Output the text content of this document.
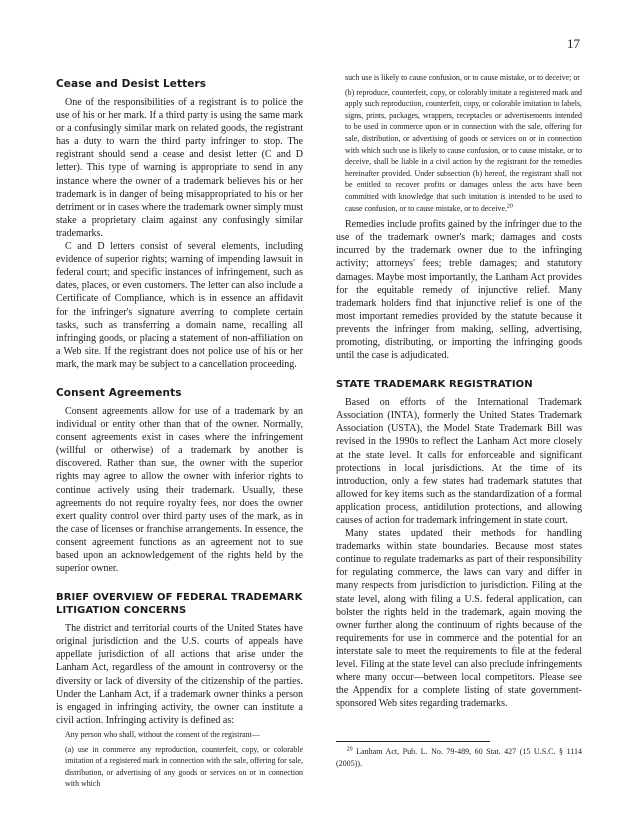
17
Cease and Desist Letters

One of the responsibilities of a registrant is to police the use of his or her mark. If a third party is using the same mark or a confusingly similar mark on related goods, the registrant has a duty to warn the third party infringer to stop. The registrant should send a cease and desist letter (C and D letter). This type of warning is appropriate to send in any instance where the owner of a trademark believes his or her trademark is in danger of being misappropriated to his or her detriment or in cases where the trademark owner simply must stake a proprietary claim against any confusingly similar trademarks.

C and D letters consist of several elements, including evidence of superior rights; warning of impending lawsuit in federal court; and specific instances of infringement, such as dates, places, or even customers. The letter can also include a Certificate of Compliance, which is in essence an affidavit for the infringer's signature averring to complete certain tasks, such as transferring a domain name, recalling all infringing goods, or placing a statement of non-affiliation on a Web site. If the registrant does not police use of his or her mark, the mark may be subject to a cancellation proceeding.

Consent Agreements

Consent agreements allow for use of a trademark by an individual or entity other than that of the owner. Normally, consent agreements exist in cases where the infringement (willful or otherwise) of a trademark by another is discovered. Rather than sue, the owner with the superior rights may agree to allow the owner with inferior rights to continue actively using their trademark. Usually, these agreements do not require royalty fees, nor does the owner exert quality control over third party uses of the mark, as in the case of licenses or franchise arrangements. In essence, the consent agreement functions as an agreement not to sue based upon an acknowledgement of the rights held by the superior owner.

BRIEF OVERVIEW OF FEDERAL TRADEMARK
LITIGATION CONCERNS

The district and territorial courts of the United States have original jurisdiction and the U.S. courts of appeals have appellate jurisdiction of all actions that arise under the Lanham Act, regardless of the amount in controversy or the diversity or lack of diversity of the citizenship of the parties. Under the Lanham Act, if a trademark owner thinks a person is engaged in infringing activity, the owner can institute a civil action. Infringing activity is defined as:

Any person who shall, without the consent of the registrant—

(a) use in commerce any reproduction, counterfeit, copy, or colorable imitation of a registered mark in connection with the sale, offering for sale, distribution, or advertising of any goods or services on or in connection with which

such use is likely to cause confusion, or to cause mistake, or to deceive; or

(b) reproduce, counterfeit, copy, or colorably imitate a registered mark and apply such reproduction, counterfeit, copy, or colorable imitation to labels, signs, prints, packages, wrappers, receptacles or advertisements intended to be used in commerce upon or in connection with the sale, offering for sale, distribution, or advertising of goods or services on or in connection with which such use is likely to cause confusion, or to cause mistake, or to deceive, shall be liable in a civil action by the registrant for the remedies hereinafter provided. Under subsection (b) hereof, the registrant shall not be entitled to recover profits or damages unless the acts have been committed with knowledge that such imitation is intended to be used to cause confusion, or to cause mistake, or to deceive.$^{20}$

Remedies include profits gained by the infringer due to the use of the trademark owner's mark; damages and costs incurred by the trademark owner due to the infringing activity; attorneys' fees; treble damages; and statutory damages. Maybe most importantly, the Lanham Act provides for the equitable remedy of injunctive relief. Many trademark holders find that injunctive relief is one of the most important remedies provided by the statute because it prevents the infringer from making, selling, advertising, promoting, distributing, or importing the infringing goods until the case is adjudicated.

STATE TRADEMARK REGISTRATION

Based on efforts of the International Trademark Association (INTA), formerly the United States Trademark Association (USTA), the Model State Trademark Bill was revised in the 1990s to reflect the Lanham Act more closely at the state level. It calls for enforceable and significant protections in local jurisdictions. At the time of its introduction, only a few states had trademark statutes that allowed for key items such as the standardization of a formal application process, antidilution protections, and allowing causes of action for trademark infringement in state court.

Many states updated their methods for handling trademarks within state boundaries. Because most states continue to regulate trademarks as part of their responsibility for regulating commerce, the laws can vary and differ in many respects from jurisdiction to jurisdiction. Filing at the state level, along with filing a U.S. federal application, can bolster the rights held in the trademark, again moving the owner further along the continuum of rights because of the requirements for use in commerce and the potential for an interstate sale to meet the requirements to file at the federal level. Filing at the state level can also preclude infringements where many occur—between local competitors. Please see the Appendix for a complete listing of state government-sponsored Web sites regarding trademarks.

$^{20}$ Lanham Act, Pub. L. No. 79-489, 60 Stat. 427 (15 U.S.C. § 1114 (2005)).
